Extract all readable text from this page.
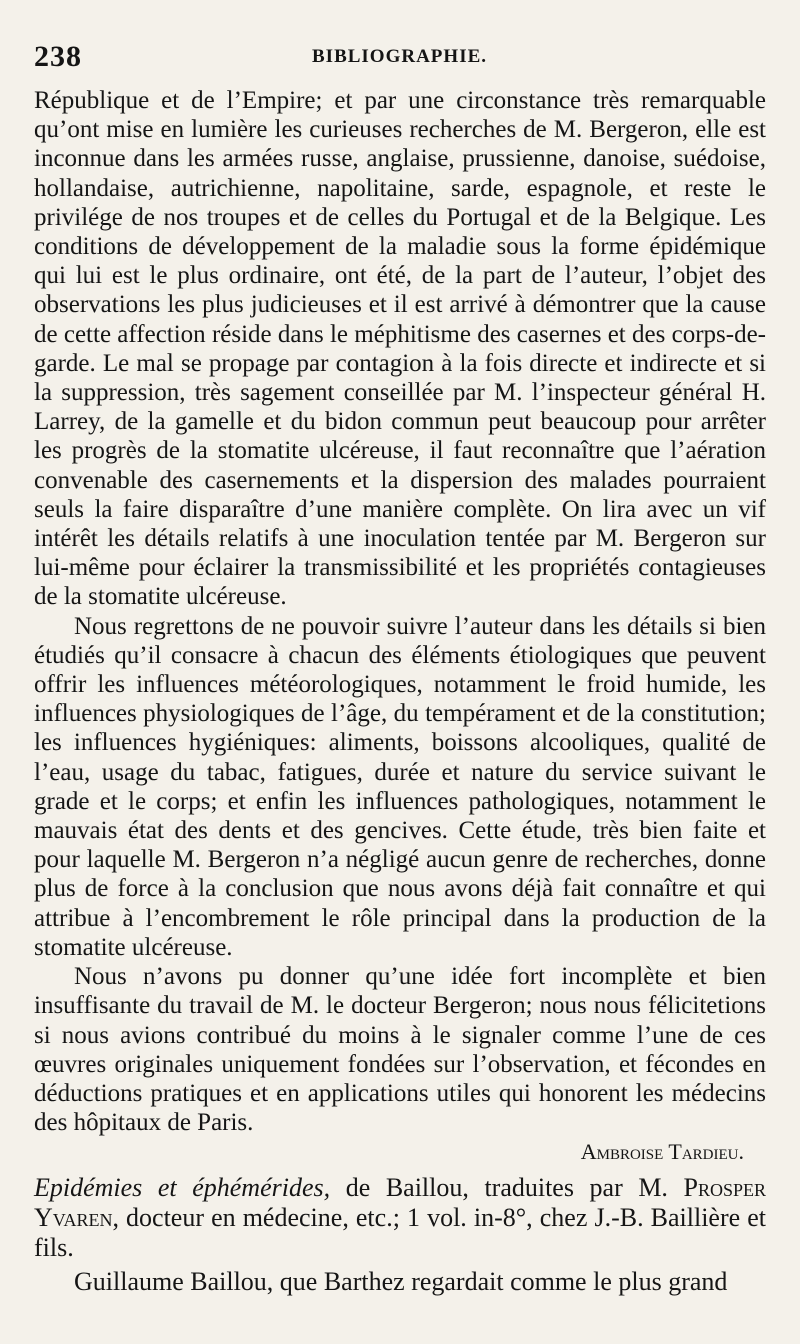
238	BIBLIOGRAPHIE.

République et de l’Empire; et par une circonstance très remarquable qu’ont mise en lumière les curieuses recherches de M. Bergeron, elle est inconnue dans les armées russe, anglaise, prussienne, danoise, suédoise, hollandaise, autrichienne, napolitaine, sarde, espagnole, et reste le privilége de nos troupes et de celles du Portugal et de la Belgique. Les conditions de développement de la maladie sous la forme épidémique qui lui est le plus ordinaire, ont été, de la part de l’auteur, l’objet des observations les plus judicieuses et il est arrivé à démontrer que la cause de cette affection réside dans le méphitisme des casernes et des corps-de-garde. Le mal se propage par contagion à la fois directe et indirecte et si la suppression, très sagement conseillée par M. l’inspecteur général H. Larrey, de la gamelle et du bidon commun peut beaucoup pour arrêter les progrès de la stomatite ulcéreuse, il faut reconnaître que l’aération convenable des casernements et la dispersion des malades pourraient seuls la faire disparaître d’une manière complète. On lira avec un vif intérêt les détails relatifs à une inoculation tentée par M. Bergeron sur lui-même pour éclairer la transmissibilité et les propriétés contagieuses de la stomatite ulcéreuse.

Nous regrettons de ne pouvoir suivre l’auteur dans les détails si bien étudiés qu’il consacre à chacun des éléments étiologiques que peuvent offrir les influences météorologiques, notamment le froid humide, les influences physiologiques de l’âge, du tempérament et de la constitution; les influences hygiéniques: aliments, boissons alcooliques, qualité de l’eau, usage du tabac, fatigues, durée et nature du service suivant le grade et le corps; et enfin les influences pathologiques, notamment le mauvais état des dents et des gencives. Cette étude, très bien faite et pour laquelle M. Bergeron n’a négligé aucun genre de recherches, donne plus de force à la conclusion que nous avons déjà fait connaître et qui attribue à l’encombrement le rôle principal dans la production de la stomatite ulcéreuse.

Nous n’avons pu donner qu’une idée fort incomplète et bien insuffisante du travail de M. le docteur Bergeron; nous nous félicitetions si nous avions contribué du moins à le signaler comme l’une de ces œuvres originales uniquement fondées sur l’observation, et fécondes en déductions pratiques et en applications utiles qui honorent les médecins des hôpitaux de Paris.

Ambroise Tardieu.
Epidémies et éphémérides, de Baillou, traduites par M. Prosper Yvaren, docteur en médecine, etc.; 1 vol. in-8°, chez J.-B. Baillière et fils.
Guillaume Baillou, que Barthez regardait comme le plus grand
